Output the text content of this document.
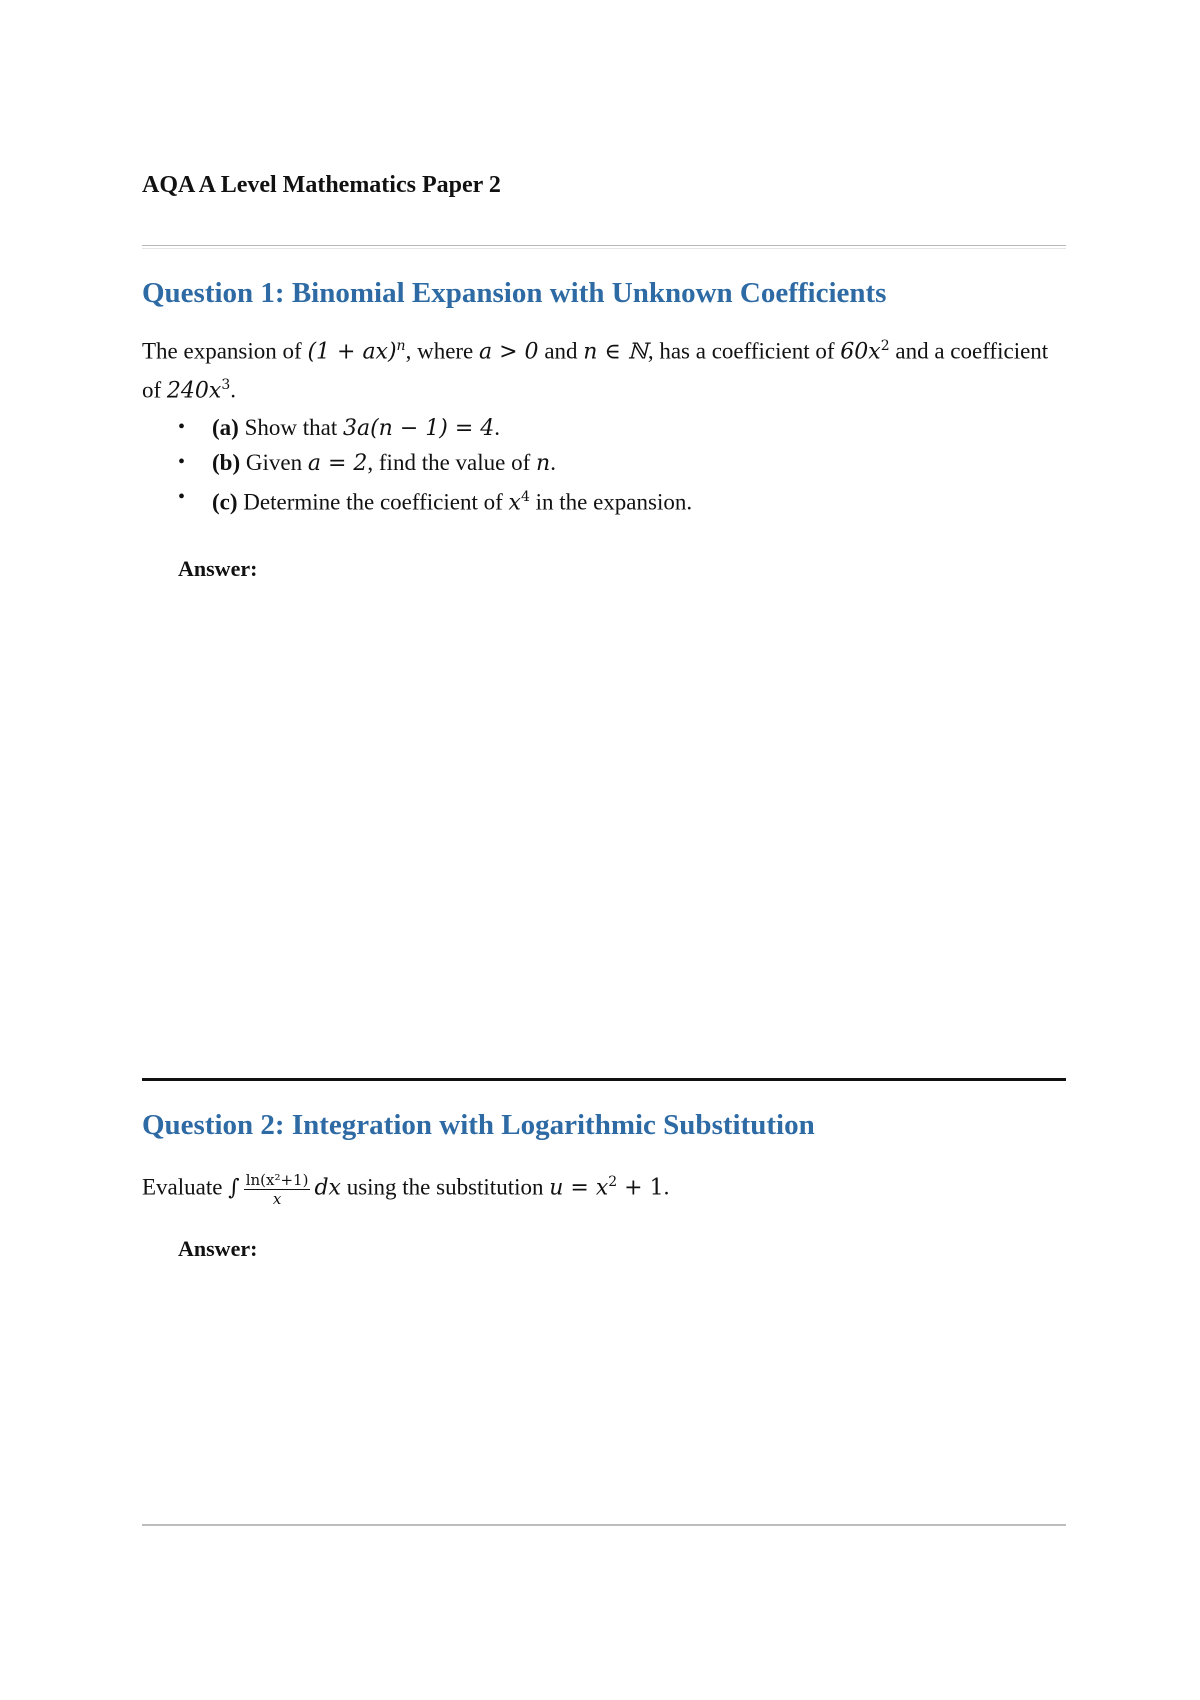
AQA A Level Mathematics Paper 2
Question 1: Binomial Expansion with Unknown Coefficients

The expansion of (1 + ax)$^n$, where a > 0 and n ∈ ℕ, has a coefficient of $60x^2$ and a coefficient of $240x^3$.

• (a) Show that 3a(n − 1) = 4.
• (b) Given a = 2, find the value of n.
• (c) Determine the coefficient of $x^4$ in the expansion.

Answer:

Question 2: Integration with Logarithmic Substitution

Evaluate ∫ $\frac{\text{ln(x²+1)}}{x}$ dx using the substitution $u = x^2 + 1$.

Answer:
